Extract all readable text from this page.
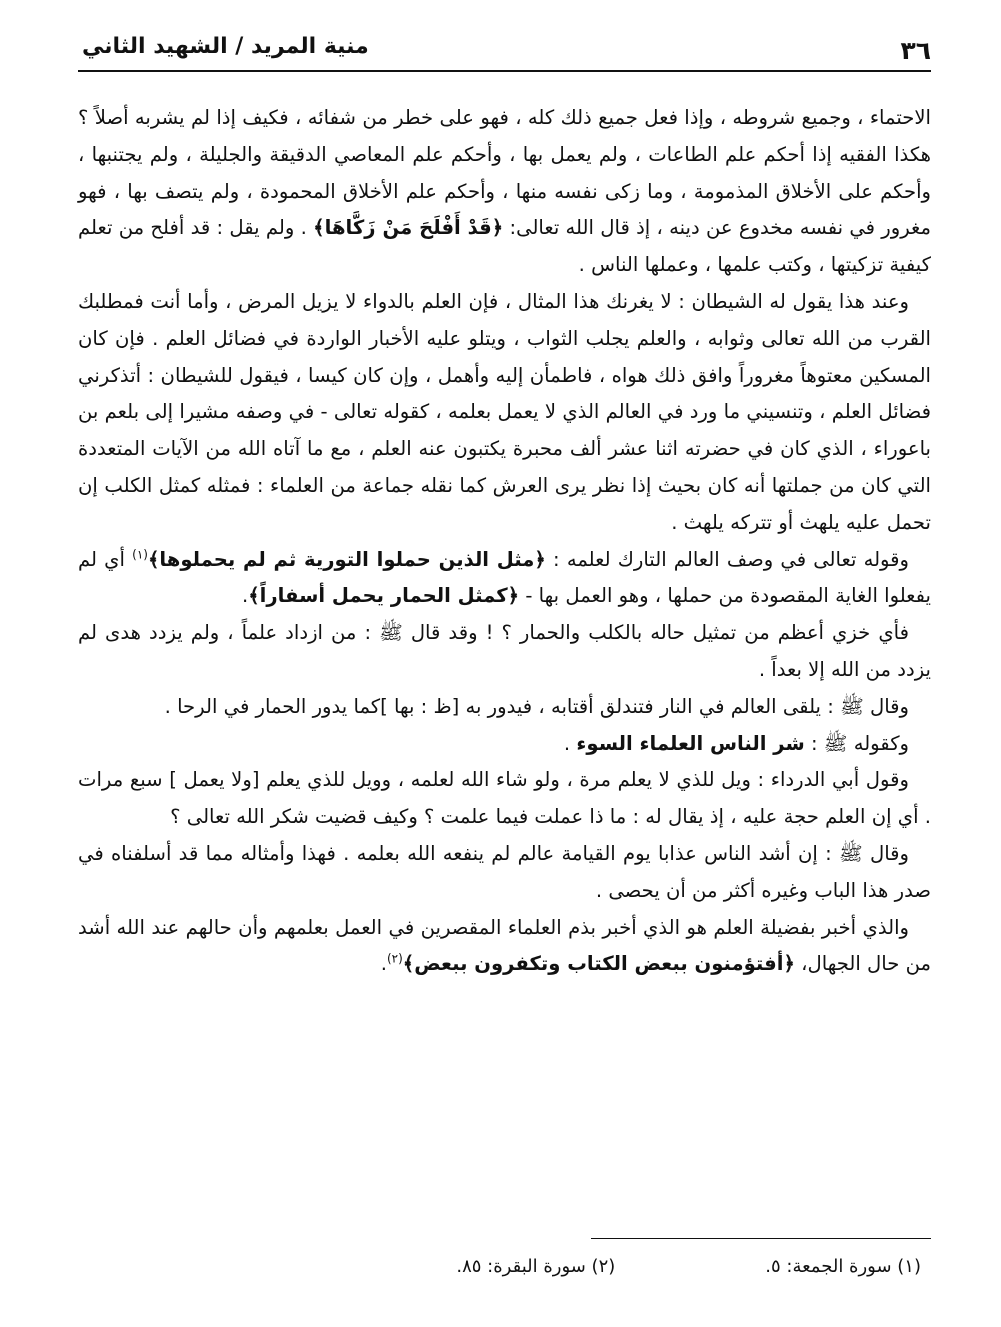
٣٦
منية المريد / الشهيد الثاني

الاحتماء ، وجميع شروطه ، وإذا فعل جميع ذلك كله ، فهو على خطر من شفائه ، فكيف إذا لم يشربه أصلاً ؟ هكذا الفقيه إذا أحكم علم الطاعات ، ولم يعمل بها ، وأحكم علم المعاصي الدقيقة والجليلة ، ولم يجتنبها ، وأحكم على الأخلاق المذمومة ، وما زكى نفسه منها ، وأحكم علم الأخلاق المحمودة ، ولم يتصف بها ، فهو مغرور في نفسه مخدوع عن دينه ، إذ قال الله تعالى: ﴿قَدْ أَفْلَحَ مَنْ زَكَّاهَا﴾ . ولم يقل : قد أفلح من تعلم كيفية تزكيتها ، وكتب علمها ، وعملها الناس .

وعند هذا يقول له الشيطان : لا يغرنك هذا المثال ، فإن العلم بالدواء لا يزيل المرض ، وأما أنت فمطلبك القرب من الله تعالى وثوابه ، والعلم يجلب الثواب ، ويتلو عليه الأخبار الواردة في فضائل العلم . فإن كان المسكين معتوهاً مغروراً وافق ذلك هواه ، فاطمأن إليه وأهمل ، وإن كان كيسا ، فيقول للشيطان : أتذكرني فضائل العلم ، وتنسيني ما ورد في العالم الذي لا يعمل بعلمه ، كقوله تعالى - في وصفه مشيرا إلى بلعم بن باعوراء ، الذي كان في حضرته اثنا عشر ألف محبرة يكتبون عنه العلم ، مع ما آتاه الله من الآيات المتعددة التي كان من جملتها أنه كان بحيث إذا نظر يرى العرش كما نقله جماعة من العلماء : فمثله كمثل الكلب إن تحمل عليه يلهث أو تتركه يلهث .

وقوله تعالى في وصف العالم التارك لعلمه : ﴿مثل الذين حملوا التورية ثم لم يحملوها﴾$^{(١)}$ أي لم يفعلوا الغاية المقصودة من حملها ، وهو العمل بها - ﴿كمثل الحمار يحمل أسفاراً﴾.

فأي خزي أعظم من تمثيل حاله بالكلب والحمار ؟ ! وقد قال ﷺ : من ازداد علماً ، ولم يزدد هدى لم يزدد من الله إلا بعداً .

وقال ﷺ : يلقى العالم في النار فتندلق أقتابه ، فيدور به [ظ : بها ]كما يدور الحمار في الرحا .

وكقوله ﷺ : شر الناس العلماء السوء .

وقول أبي الدرداء : ويل للذي لا يعلم مرة ، ولو شاء الله لعلمه ، وويل للذي يعلم [ولا يعمل ] سبع مرات . أي إن العلم حجة عليه ، إذ يقال له : ما ذا عملت فيما علمت ؟ وكيف قضيت شكر الله تعالى ؟

وقال ﷺ : إن أشد الناس عذابا يوم القيامة عالم لم ينفعه الله بعلمه . فهذا وأمثاله مما قد أسلفناه في صدر هذا الباب وغيره أكثر من أن يحصى .

والذي أخبر بفضيلة العلم هو الذي أخبر بذم العلماء المقصرين في العمل بعلمهم وأن حالهم عند الله أشد من حال الجهال، ﴿أفتؤمنون ببعض الكتاب وتكفرون ببعض﴾$^{(٢)}$.

(١) سورة الجمعة: ٥.
(٢) سورة البقرة: ٨٥.
